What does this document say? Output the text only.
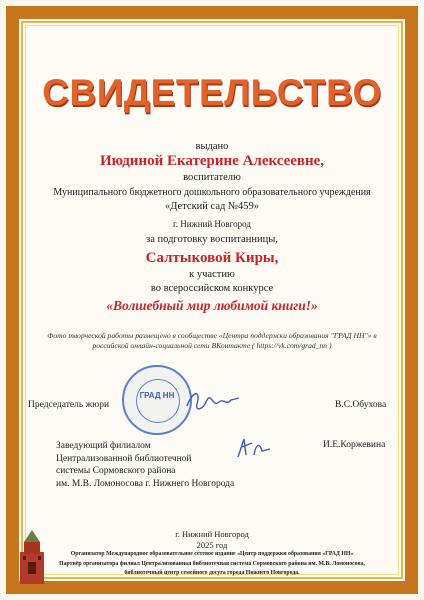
СВИДЕТЕЛЬСТВО
выдано
Июдиной Екатерине Алексеевне,
воспитателю
Муниципального бюджетного дошкольного образовательного учреждения
«Детский сад №459»
г. Нижний Новгород
за подготовку воспитанницы,
Салтыковой Киры,
к участию
во всероссийском конкурсе
«Волшебный мир любимой книги!»
Фото творческой работы размещено в сообществе «Центра поддержки образования "ГРАД НН"» в российской онлайн-социальной сети ВКонтакте ( https://vk.com/grad_nn )
Председатель жюри	В.С.Обухова
ГРАД НН
Заведующий филиалом
Централизованной библиотечной
системы Сормовского района
им. М.В. Ломоносова г. Нижнего Новгорода
И.Е.Коржевина
г. Нижний Новгород
2025 год
Организатор Международное образовательное сетевое издание «Центр поддержки образования «ГРАД НН»
Партнёр организатора филиал Централизованная библиотечная система Сормовского района им. М.В. Ломоносова,
библиотечный центр семейного досуга города Нижнего Новгорода.
